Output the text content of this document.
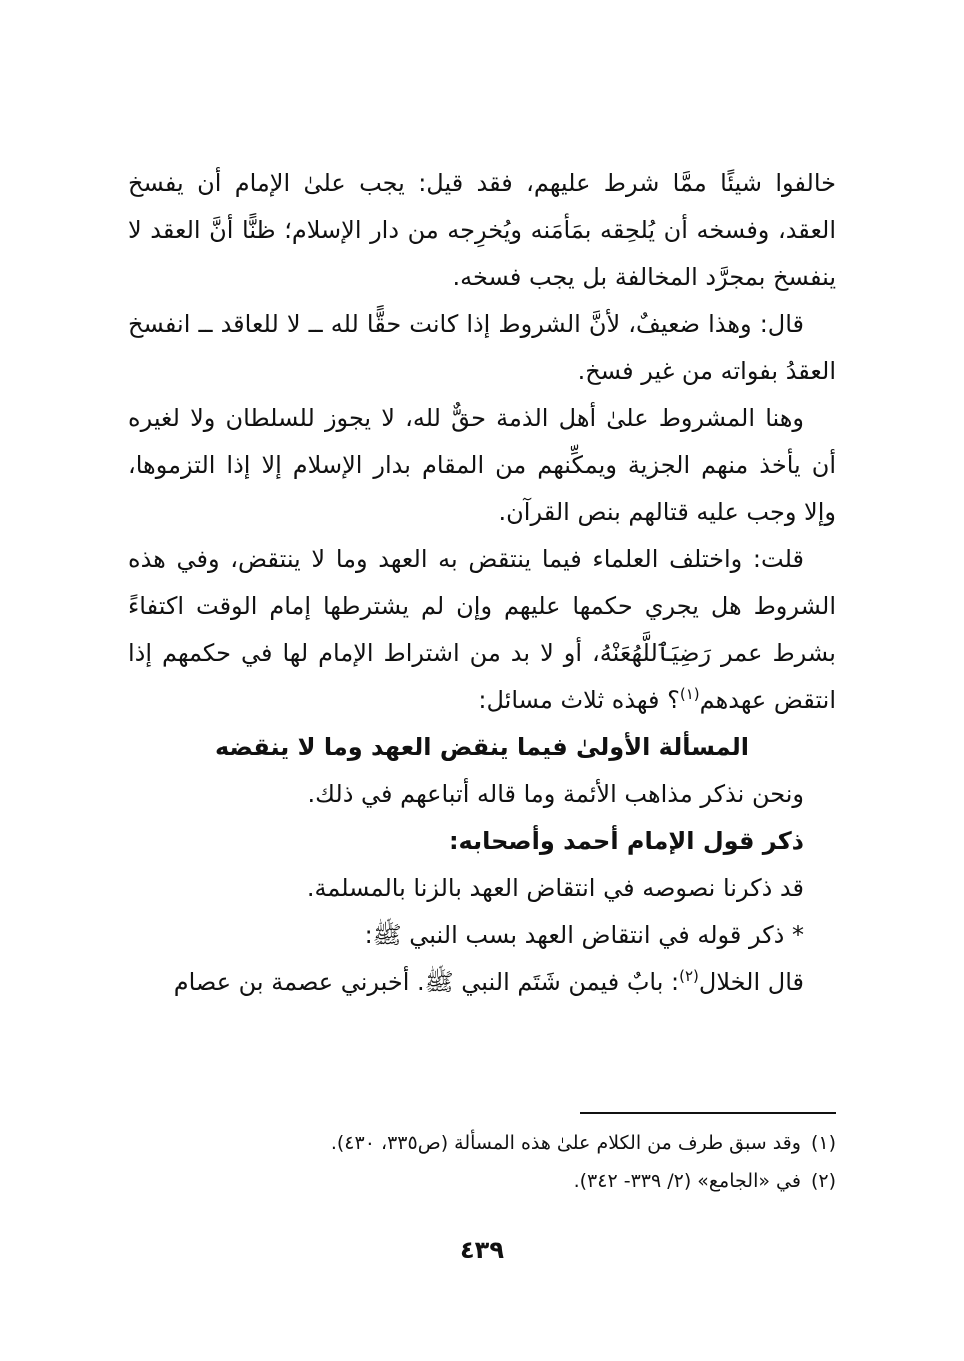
خالفوا شيئًا ممَّا شرط عليهم، فقد قيل: يجب علىٰ الإمام أن يفسخ العقد، وفسخه أن يُلحِقه بمَأمَنه ويُخرِجه من دار الإسلام؛ ظنًّا أنَّ العقد لا ينفسخ بمجرَّد المخالفة بل يجب فسخه.

قال: وهذا ضعيفٌ، لأنَّ الشروط إذا كانت حقًّا لله ــ لا للعاقد ــ انفسخ العقدُ بفواته من غير فسخ.

وهنا المشروط علىٰ أهل الذمة حقٌّ لله، لا يجوز للسلطان ولا لغيره أن يأخذ منهم الجزية ويمكِّنهم من المقام بدار الإسلام إلا إذا التزموها، وإلا وجب عليه قتالهم بنص القرآن.

قلت: واختلف العلماء فيما ينتقض به العهد وما لا ينتقض، وفي هذه الشروط هل يجري حكمها عليهم وإن لم يشترطها إمام الوقت اكتفاءً بشرط عمر رَضِيَٱللَّهُعَنْهُ، أو لا بد من اشتراط الإمام لها في حكمهم إذا انتقض عهدهم$^{(١)}$؟ فهذه ثلاث مسائل:

المسألة الأولىٰ فيما ينقض العهد وما لا ينقضه

ونحن نذكر مذاهب الأئمة وما قاله أتباعهم في ذلك.

ذكر قول الإمام أحمد وأصحابه:

قد ذكرنا نصوصه في انتقاض العهد بالزنا بالمسلمة.

* ذكر قوله في انتقاض العهد بسب النبي ﷺ:

قال الخلال$^{(٢)}$: بابٌ فيمن شَتَم النبي ﷺ. أخبرني عصمة بن عصام

(١)وقد سبق طرف من الكلام علىٰ هذه المسألة (ص٣٣٥، ٤٣٠).

(٢)في «الجامع» (٢/ ٣٣٩- ٣٤٢).

٤٣٩
